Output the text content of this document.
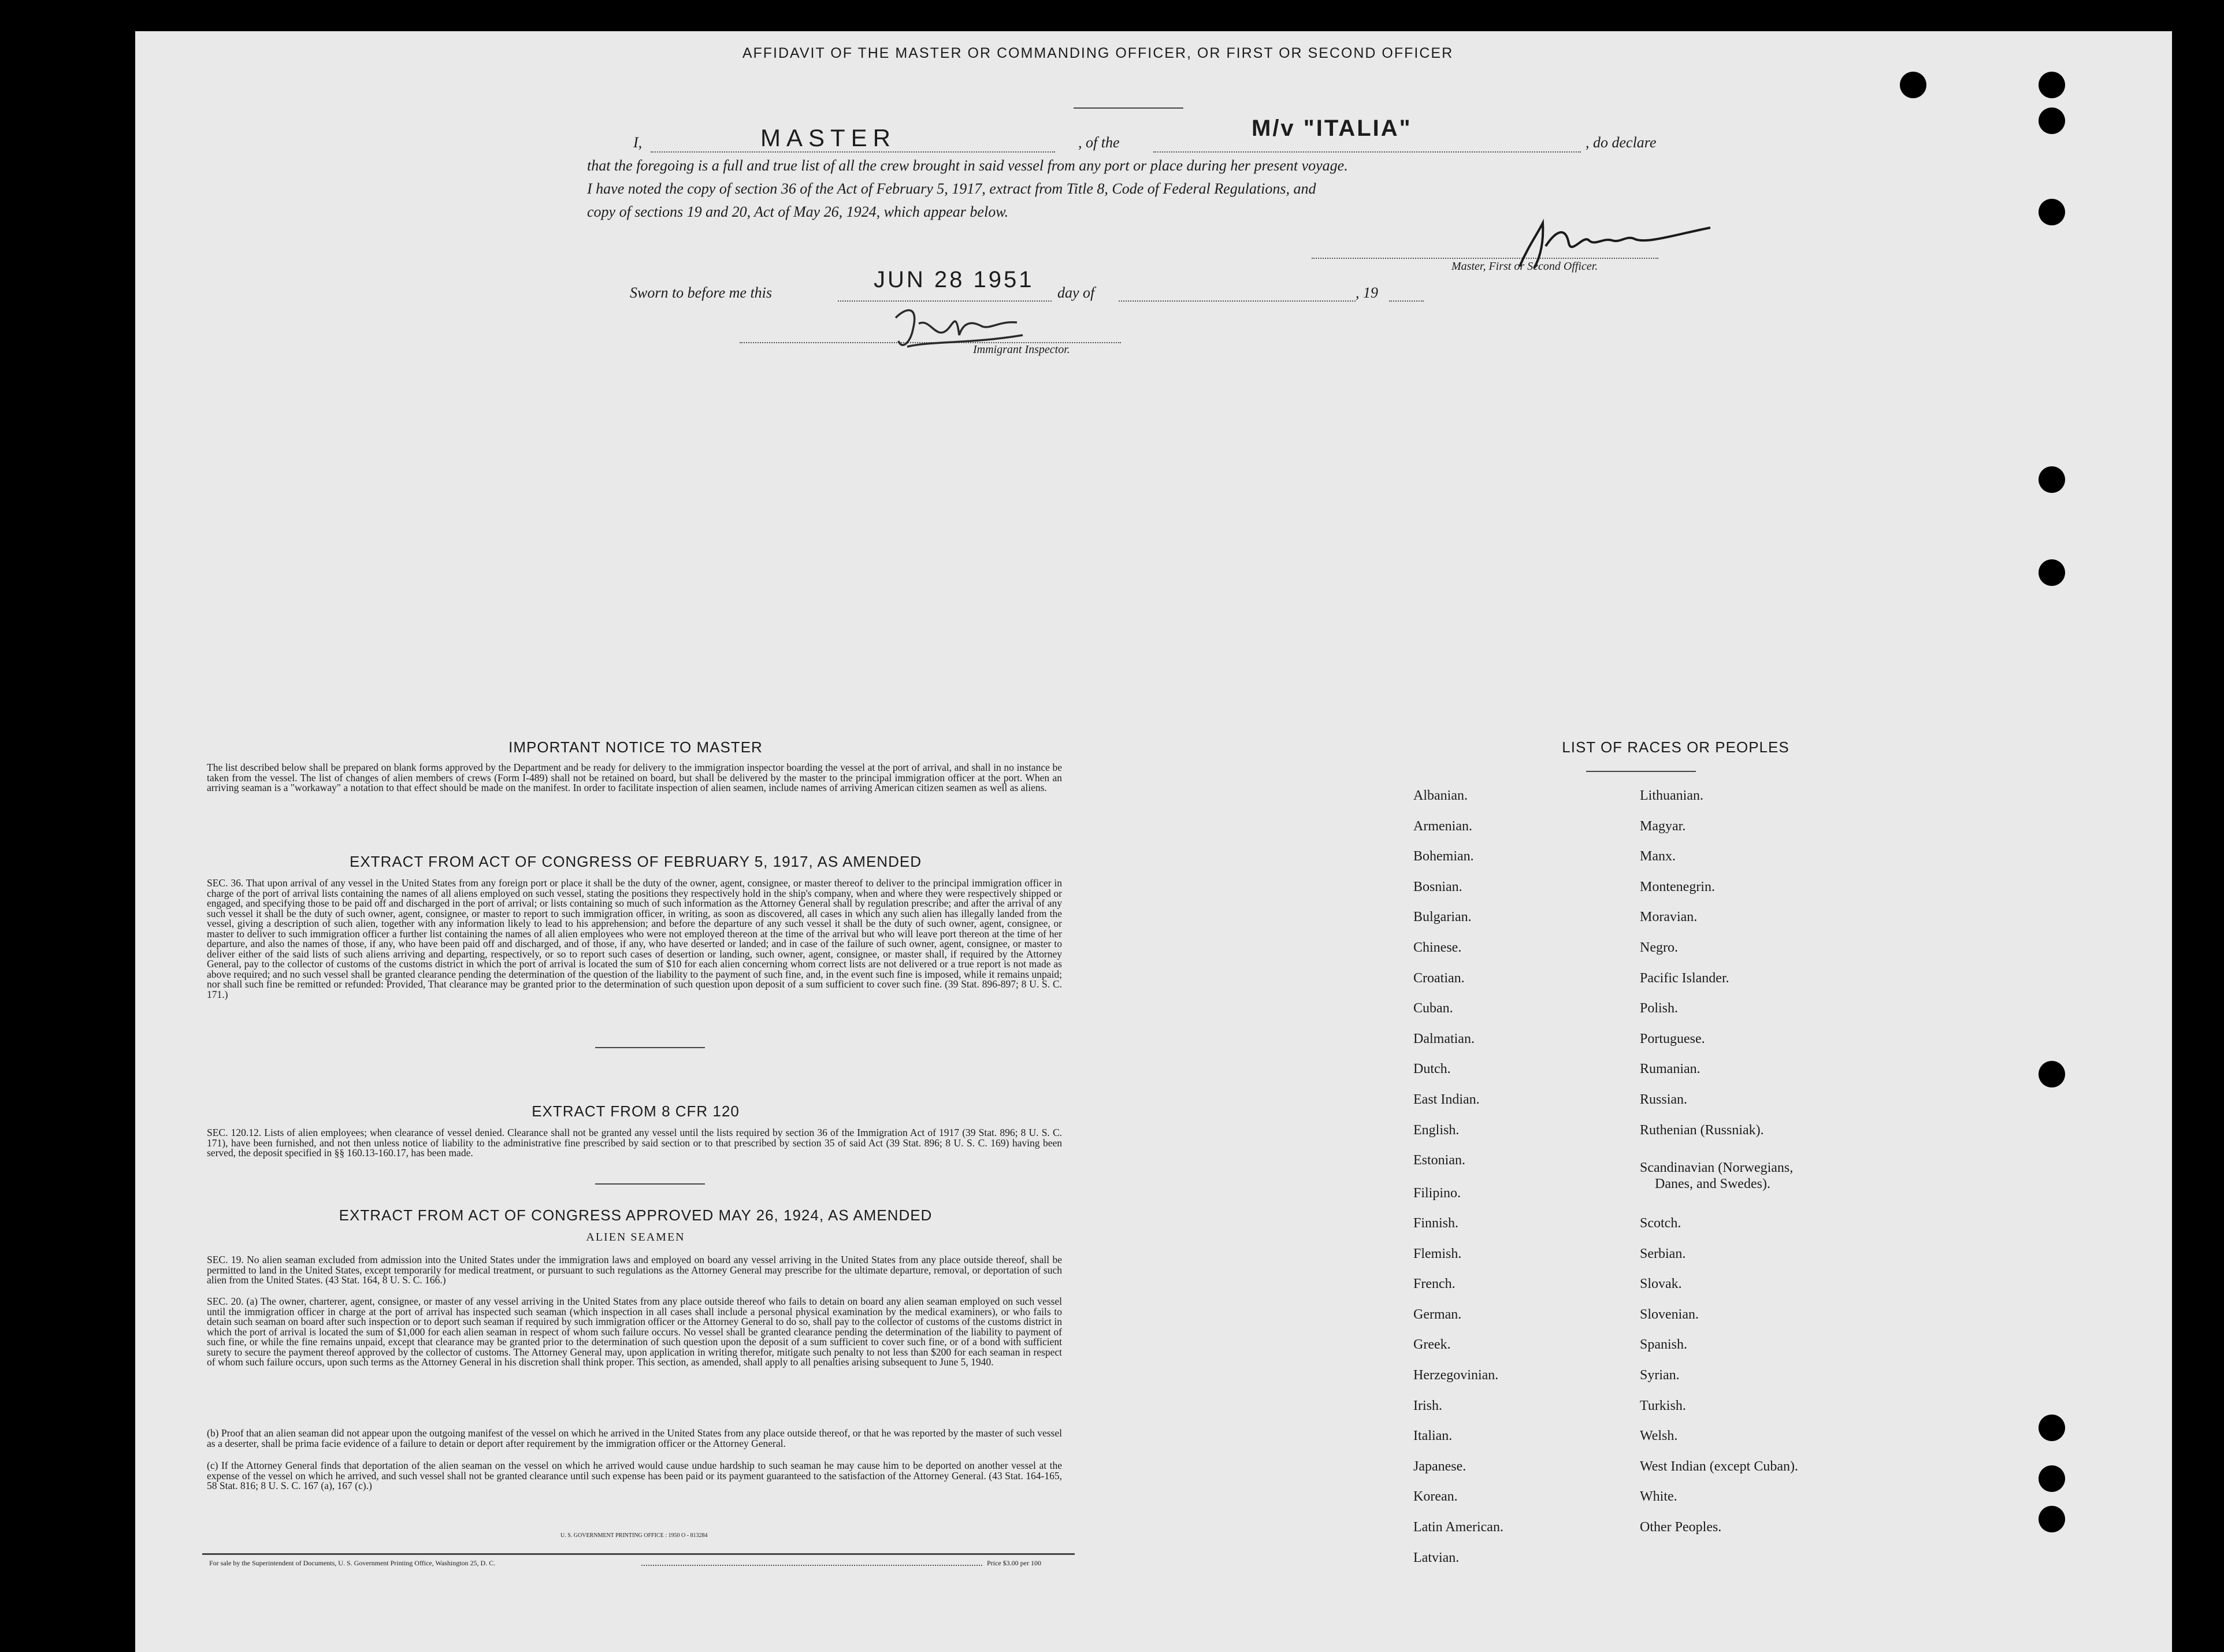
AFFIDAVIT OF THE MASTER OR COMMANDING OFFICER, OR FIRST OR SECOND OFFICER
I,	MASTER	, of the
M/v "ITALIA"
, do declare
that the foregoing is a full and true list of all the crew brought in said vessel from any port or place during her present voyage.
I have noted the copy of section 36 of the Act of February 5, 1917, extract from Title 8, Code of Federal Regulations, and
copy of sections 19 and 20, Act of May 26, 1924, which appear below.
Master, First or Second Officer.
Sworn to before me this
JUN 28 1951
day of	, 19
Immigrant Inspector.
IMPORTANT NOTICE TO MASTER
The list described below shall be prepared on blank forms approved by the Department and be ready for delivery to the immigration inspector boarding the vessel at the port of arrival, and shall in no instance be taken from the vessel. The list of changes of alien members of crews (Form I-489) shall not be retained on board, but shall be delivered by the master to the principal immigration officer at the port. When an arriving seaman is a "workaway" a notation to that effect should be made on the manifest. In order to facilitate inspection of alien seamen, include names of arriving American citizen seamen as well as aliens.
EXTRACT FROM ACT OF CONGRESS OF FEBRUARY 5, 1917, AS AMENDED
SEC. 36. That upon arrival of any vessel in the United States from any foreign port or place it shall be the duty of the owner, agent, consignee, or master thereof to deliver to the principal immigration officer in charge of the port of arrival lists containing the names of all aliens employed on such vessel, stating the positions they respectively hold in the ship's company, when and where they were respectively shipped or engaged, and specifying those to be paid off and discharged in the port of arrival; or lists containing so much of such information as the Attorney General shall by regulation prescribe; and after the arrival of any such vessel it shall be the duty of such owner, agent, consignee, or master to report to such immigration officer, in writing, as soon as discovered, all cases in which any such alien has illegally landed from the vessel, giving a description of such alien, together with any information likely to lead to his apprehension; and before the departure of any such vessel it shall be the duty of such owner, agent, consignee, or master to deliver to such immigration officer a further list containing the names of all alien employees who were not employed thereon at the time of the arrival but who will leave port thereon at the time of her departure, and also the names of those, if any, who have been paid off and discharged, and of those, if any, who have deserted or landed; and in case of the failure of such owner, agent, consignee, or master to deliver either of the said lists of such aliens arriving and departing, respectively, or so to report such cases of desertion or landing, such owner, agent, consignee, or master shall, if required by the Attorney General, pay to the collector of customs of the customs district in which the port of arrival is located the sum of $10 for each alien concerning whom correct lists are not delivered or a true report is not made as above required; and no such vessel shall be granted clearance pending the determination of the question of the liability to the payment of such fine, and, in the event such fine is imposed, while it remains unpaid; nor shall such fine be remitted or refunded: Provided, That clearance may be granted prior to the determination of such question upon deposit of a sum sufficient to cover such fine. (39 Stat. 896-897; 8 U. S. C. 171.)
EXTRACT FROM 8 CFR 120
SEC. 120.12. Lists of alien employees; when clearance of vessel denied. Clearance shall not be granted any vessel until the lists required by section 36 of the Immigration Act of 1917 (39 Stat. 896; 8 U. S. C. 171), have been furnished, and not then unless notice of liability to the administrative fine prescribed by said section or to that prescribed by section 35 of said Act (39 Stat. 896; 8 U. S. C. 169) having been served, the deposit specified in §§ 160.13-160.17, has been made.
EXTRACT FROM ACT OF CONGRESS APPROVED MAY 26, 1924, AS AMENDED
ALIEN SEAMEN
SEC. 19. No alien seaman excluded from admission into the United States under the immigration laws and employed on board any vessel arriving in the United States from any place outside thereof, shall be permitted to land in the United States, except temporarily for medical treatment, or pursuant to such regulations as the Attorney General may prescribe for the ultimate departure, removal, or deportation of such alien from the United States. (43 Stat. 164, 8 U. S. C. 166.)
SEC. 20. (a) The owner, charterer, agent, consignee, or master of any vessel arriving in the United States from any place outside thereof who fails to detain on board any alien seaman employed on such vessel until the immigration officer in charge at the port of arrival has inspected such seaman (which inspection in all cases shall include a personal physical examination by the medical examiners), or who fails to detain such seaman on board after such inspection or to deport such seaman if required by such immigration officer or the Attorney General to do so, shall pay to the collector of customs of the customs district in which the port of arrival is located the sum of $1,000 for each alien seaman in respect of whom such failure occurs. No vessel shall be granted clearance pending the determination of the liability to payment of such fine, or while the fine remains unpaid, except that clearance may be granted prior to the determination of such question upon the deposit of a sum sufficient to cover such fine, or of a bond with sufficient surety to secure the payment thereof approved by the collector of customs. The Attorney General may, upon application in writing therefor, mitigate such penalty to not less than $200 for each seaman in respect of whom such failure occurs, upon such terms as the Attorney General in his discretion shall think proper. This section, as amended, shall apply to all penalties arising subsequent to June 5, 1940.
(b) Proof that an alien seaman did not appear upon the outgoing manifest of the vessel on which he arrived in the United States from any place outside thereof, or that he was reported by the master of such vessel as a deserter, shall be prima facie evidence of a failure to detain or deport after requirement by the immigration officer or the Attorney General.
(c) If the Attorney General finds that deportation of the alien seaman on the vessel on which he arrived would cause undue hardship to such seaman he may cause him to be deported on another vessel at the expense of the vessel on which he arrived, and such vessel shall not be granted clearance until such expense has been paid or its payment guaranteed to the satisfaction of the Attorney General. (43 Stat. 164-165, 58 Stat. 816; 8 U. S. C. 167 (a), 167 (c).)
U. S. GOVERNMENT PRINTING OFFICE : 1950 O - 813284
For sale by the Superintendent of Documents, U. S. Government Printing Office, Washington 25, D. C.	Price $3.00 per 100
LIST OF RACES OR PEOPLES
Albanian.
Armenian.
Bohemian.
Bosnian.
Bulgarian.
Chinese.
Croatian.
Cuban.
Dalmatian.
Dutch.
East Indian.
English.
Estonian.
Filipino.
Finnish.
Flemish.
French.
German.
Greek.
Herzegovinian.
Irish.
Italian.
Japanese.
Korean.
Latin American.
Latvian.
Lithuanian.
Magyar.
Manx.
Montenegrin.
Moravian.
Negro.
Pacific Islander.
Polish.
Portuguese.
Rumanian.
Russian.
Ruthenian (Russniak).
Scandinavian (Norwegians,
Danes, and Swedes).
Scotch.
Serbian.
Slovak.
Slovenian.
Spanish.
Syrian.
Turkish.
Welsh.
West Indian (except Cuban).
White.
Other Peoples.
